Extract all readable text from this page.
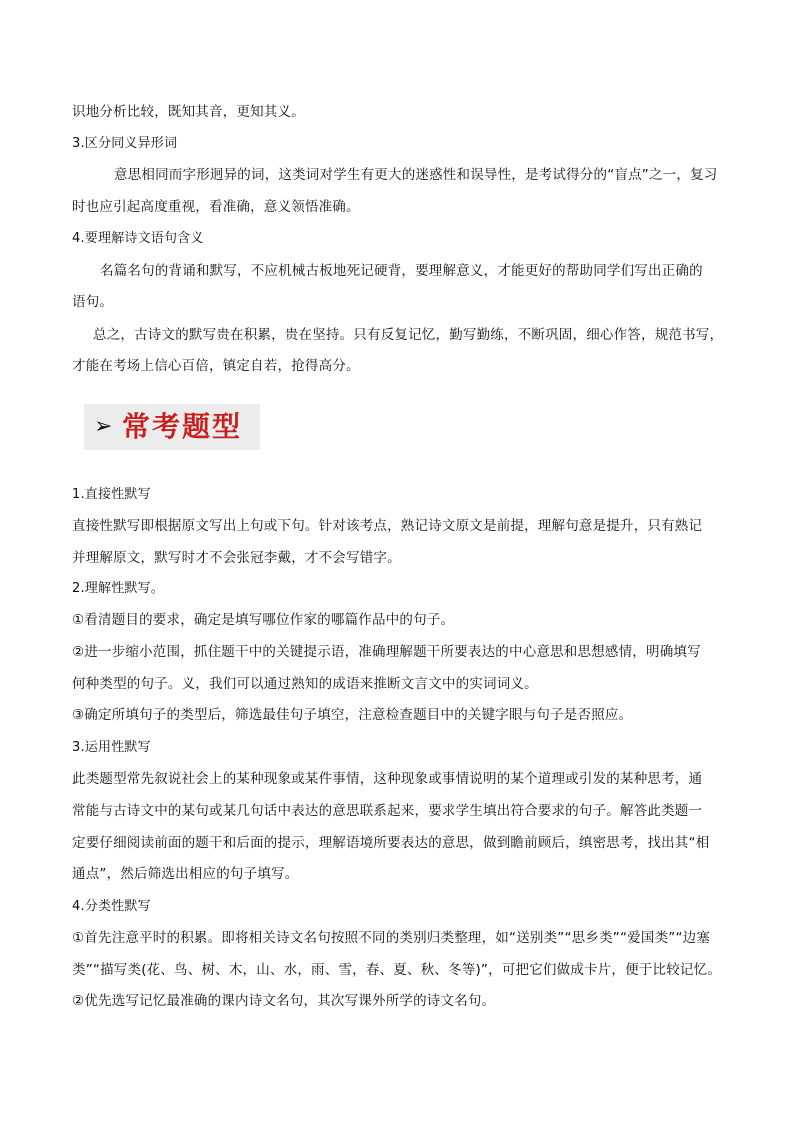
识地分析比较，既知其音，更知其义。
3.区分同义异形词
意思相同而字形迥异的词，这类词对学生有更大的迷惑性和误导性，是考试得分的“盲点”之一，复习
时也应引起高度重视，看准确，意义领悟准确。
4.要理解诗文语句含义
名篇名句的背诵和默写，不应机械古板地死记硬背，要理解意义，才能更好的帮助同学们写出正确的
语句。
总之，古诗文的默写贵在积累，贵在坚持。只有反复记忆，勤写勤练，不断巩固，细心作答，规范书写，
才能在考场上信心百倍，镇定自若，抢得高分。
➢ 常考题型
1.直接性默写
直接性默写即根据原文写出上句或下句。针对该考点，熟记诗文原文是前提，理解句意是提升，只有熟记
并理解原文，默写时才不会张冠李戴，才不会写错字。
2.理解性默写。
①看清题目的要求，确定是填写哪位作家的哪篇作品中的句子。
②进一步缩小范围，抓住题干中的关键提示语，准确理解题干所要表达的中心意思和思想感情，明确填写
何种类型的句子。义，我们可以通过熟知的成语来推断文言文中的实词词义。
③确定所填句子的类型后，筛选最佳句子填空，注意检查题目中的关键字眼与句子是否照应。
3.运用性默写
此类题型常先叙说社会上的某种现象或某件事情，这种现象或事情说明的某个道理或引发的某种思考，通
常能与古诗文中的某句或某几句话中表达的意思联系起来，要求学生填出符合要求的句子。解答此类题一
定要仔细阅读前面的题干和后面的提示，理解语境所要表达的意思，做到瞻前顾后，缜密思考，找出其“相
通点”，然后筛选出相应的句子填写。
4.分类性默写
①首先注意平时的积累。即将相关诗文名句按照不同的类别归类整理，如“送别类”“思乡类”“爱国类”“边塞
类”“描写类(花、鸟、树、木，山、水，雨、雪，春、夏、秋、冬等)”，可把它们做成卡片，便于比较记忆。
②优先选写记忆最准确的课内诗文名句，其次写课外所学的诗文名句。
